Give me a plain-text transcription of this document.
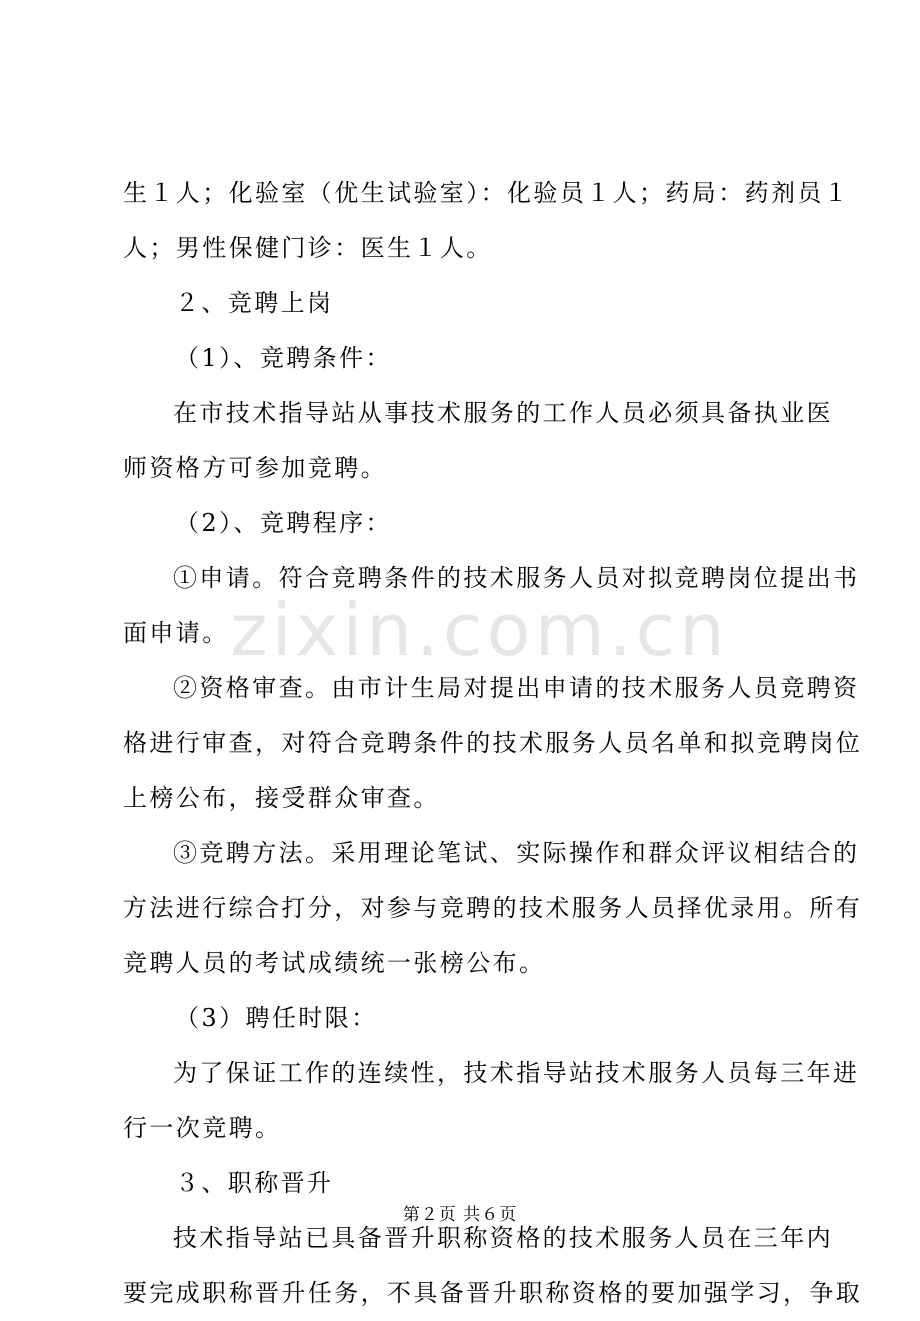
zixin.com.cn
生１人；化验室（优生试验室）：化验员１人；药局：药剂员１
人；男性保健门诊：医生１人。
２、竞聘上岗
（1）、竞聘条件：
在市技术指导站从事技术服务的工作人员必须具备执业医
师资格方可参加竞聘。
（2）、竞聘程序：
①申请。符合竞聘条件的技术服务人员对拟竞聘岗位提出书
面申请。
②资格审查。由市计生局对提出申请的技术服务人员竞聘资
格进行审查，对符合竞聘条件的技术服务人员名单和拟竞聘岗位
上榜公布，接受群众审查。
③竞聘方法。采用理论笔试、实际操作和群众评议相结合的
方法进行综合打分，对参与竞聘的技术服务人员择优录用。所有
竞聘人员的考试成绩统一张榜公布。
（3）聘任时限：
为了保证工作的连续性，技术指导站技术服务人员每三年进
行一次竞聘。
３、职称晋升
技术指导站已具备晋升职称资格的技术服务人员在三年内
要完成职称晋升任务，不具备晋升职称资格的要加强学习，争取
第２页 共６页
